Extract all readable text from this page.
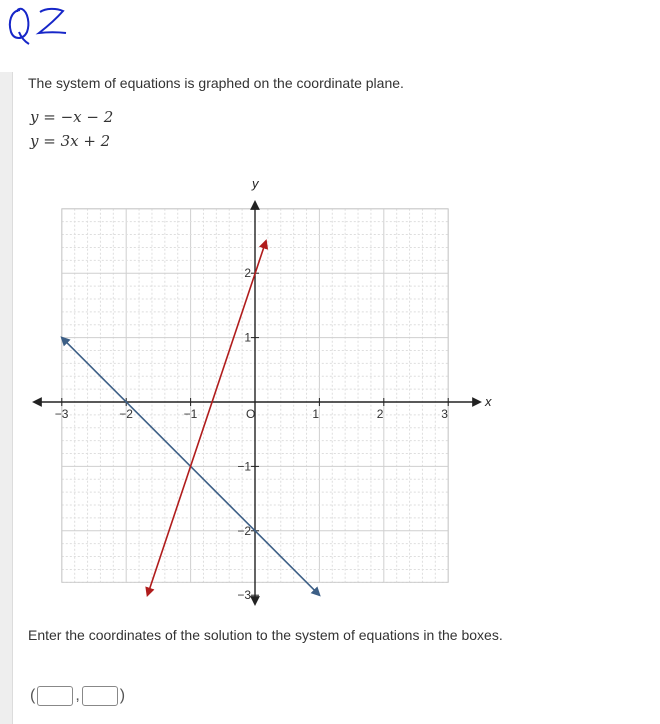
The system of equations is graphed on the coordinate plane.

y = −x − 2

y = 3x + 2

x
y
−3	−2	−1	O	1	2	3
−3
−2
−1
1
2

Enter the coordinates of the solution to the system of equations in the boxes.

(	,	)
